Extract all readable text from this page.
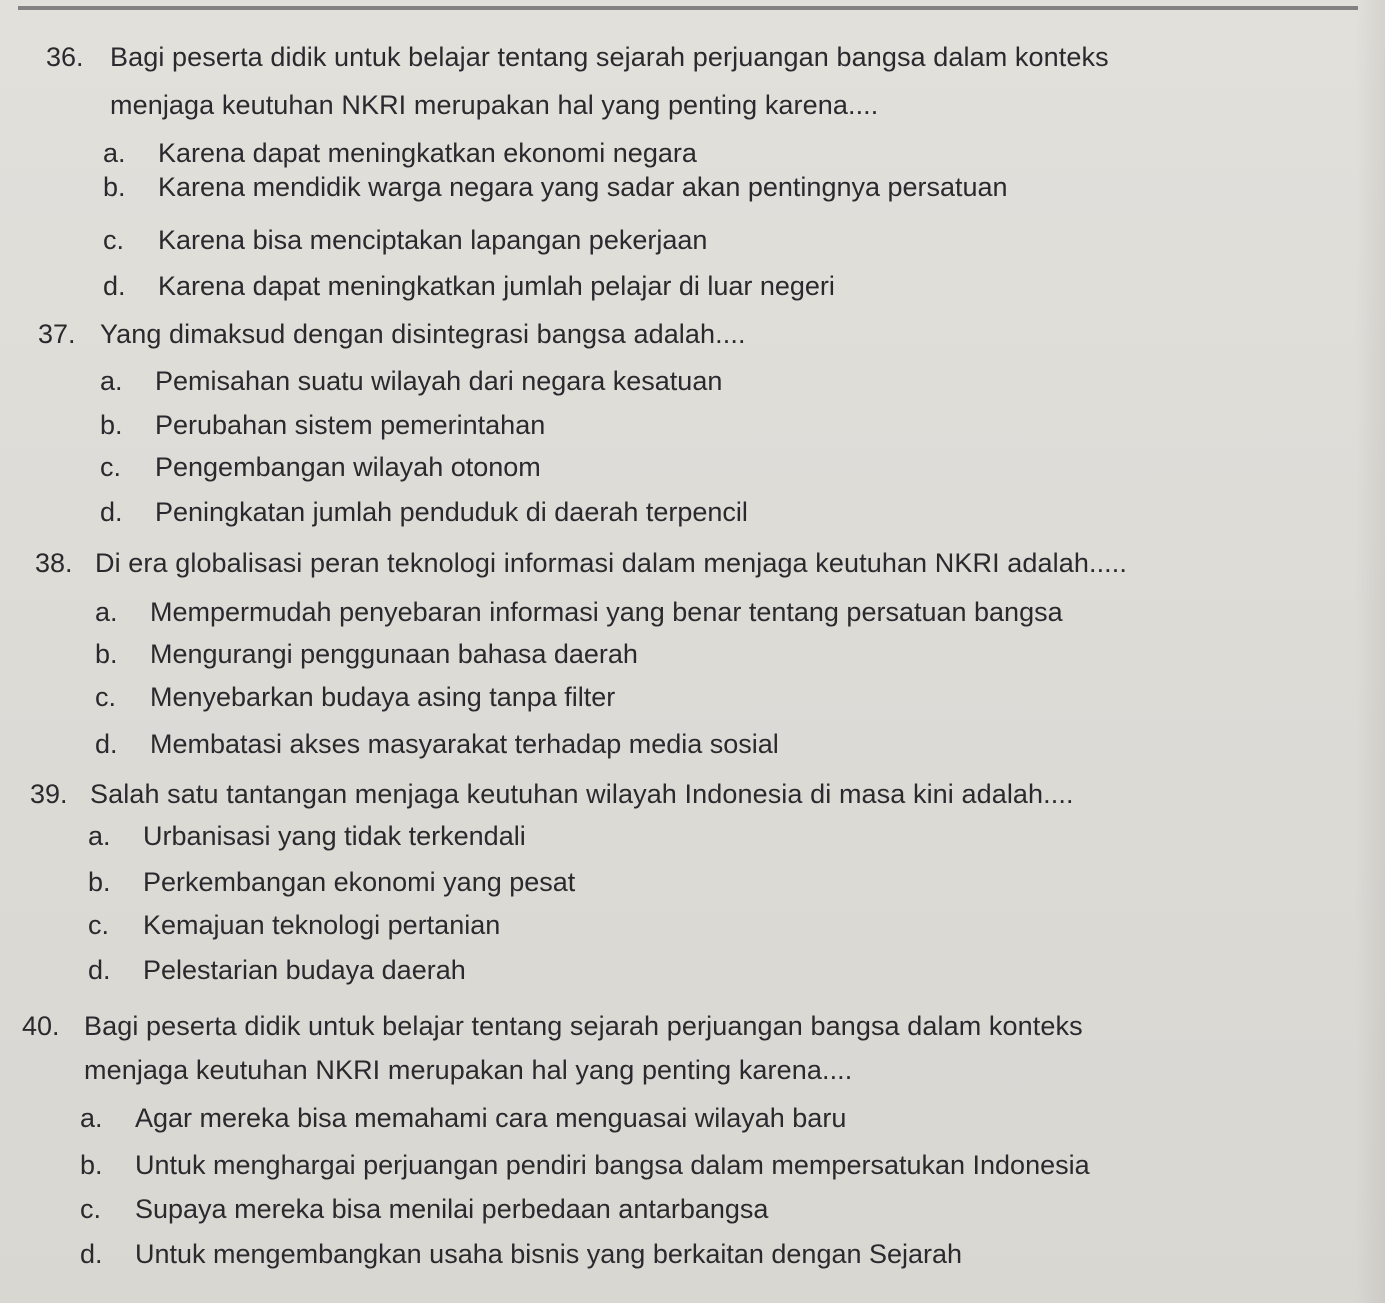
36. Bagi peserta didik untuk belajar tentang sejarah perjuangan bangsa dalam konteks
menjaga keutuhan NKRI merupakan hal yang penting karena....
a. Karena dapat meningkatkan ekonomi negara
b. Karena mendidik warga negara yang sadar akan pentingnya persatuan
c. Karena bisa menciptakan lapangan pekerjaan
d. Karena dapat meningkatkan jumlah pelajar di luar negeri
37. Yang dimaksud dengan disintegrasi bangsa adalah....
a. Pemisahan suatu wilayah dari negara kesatuan
b. Perubahan sistem pemerintahan
c. Pengembangan wilayah otonom
d. Peningkatan jumlah penduduk di daerah terpencil
38. Di era globalisasi peran teknologi informasi dalam menjaga keutuhan NKRI adalah.....
a. Mempermudah penyebaran informasi yang benar tentang persatuan bangsa
b. Mengurangi penggunaan bahasa daerah
c. Menyebarkan budaya asing tanpa filter
d. Membatasi akses masyarakat terhadap media sosial
39. Salah satu tantangan menjaga keutuhan wilayah Indonesia di masa kini adalah....
a. Urbanisasi yang tidak terkendali
b. Perkembangan ekonomi yang pesat
c. Kemajuan teknologi pertanian
d. Pelestarian budaya daerah
40. Bagi peserta didik untuk belajar tentang sejarah perjuangan bangsa dalam konteks
menjaga keutuhan NKRI merupakan hal yang penting karena....
a. Agar mereka bisa memahami cara menguasai wilayah baru
b. Untuk menghargai perjuangan pendiri bangsa dalam mempersatukan Indonesia
c. Supaya mereka bisa menilai perbedaan antarbangsa
d. Untuk mengembangkan usaha bisnis yang berkaitan dengan Sejarah
